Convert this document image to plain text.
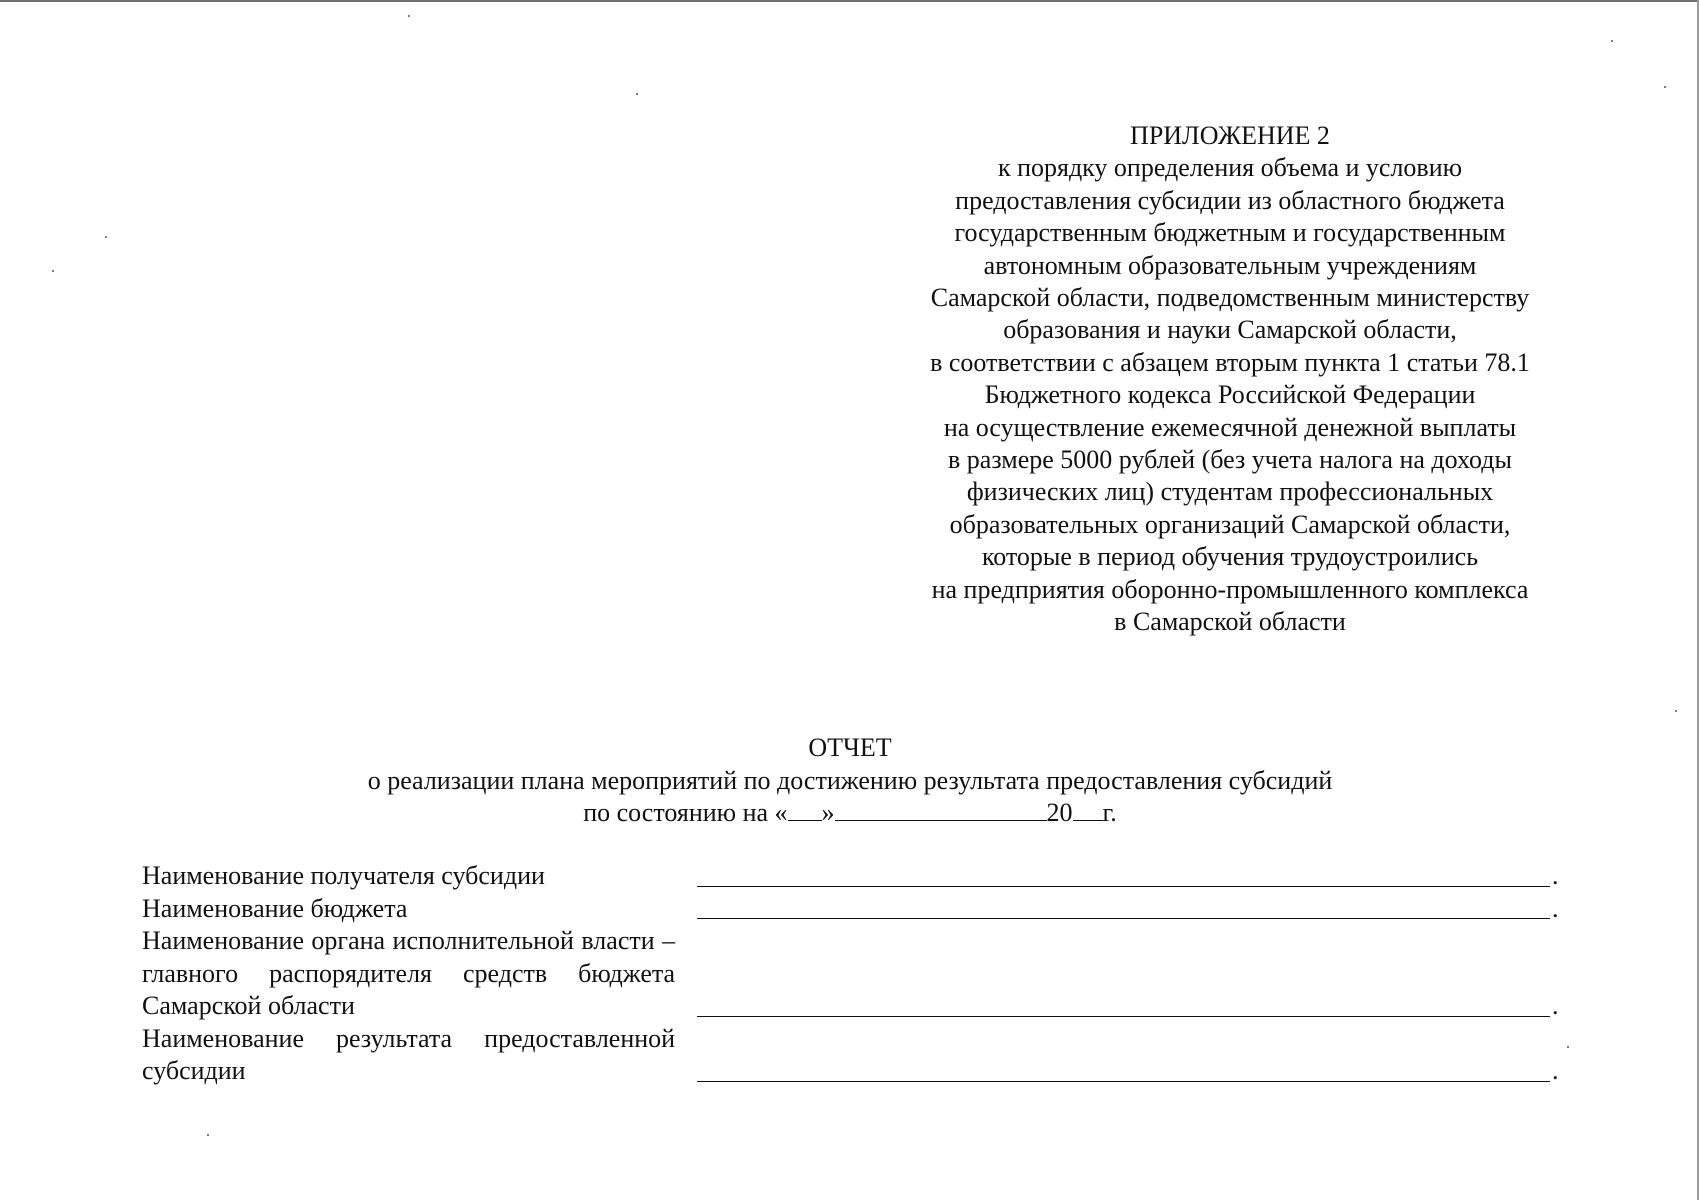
ПРИЛОЖЕНИЕ 2
к порядку определения объема и условию
предоставления субсидии из областного бюджета
государственным бюджетным и государственным
автономным образовательным учреждениям
Самарской области, подведомственным министерству
образования и науки Самарской области,
в соответствии с абзацем вторым пункта 1 статьи 78.1
Бюджетного кодекса Российской Федерации
на осуществление ежемесячной денежной выплаты
в размере 5000 рублей (без учета налога на доходы
физических лиц) студентам профессиональных
образовательных организаций Самарской области,
которые в период обучения трудоустроились
на предприятия оборонно-промышленного комплекса
в Самарской области
ОТЧЕТ
о реализации плана мероприятий по достижению результата предоставления субсидий
по состоянию на « »	20 г.
Наименование получателя субсидии	.
Наименование бюджета	.
Наименование органа исполнительной власти – главного распорядителя средств бюджета Самарской области	.
Наименование результата предоставленной субсидии	.
